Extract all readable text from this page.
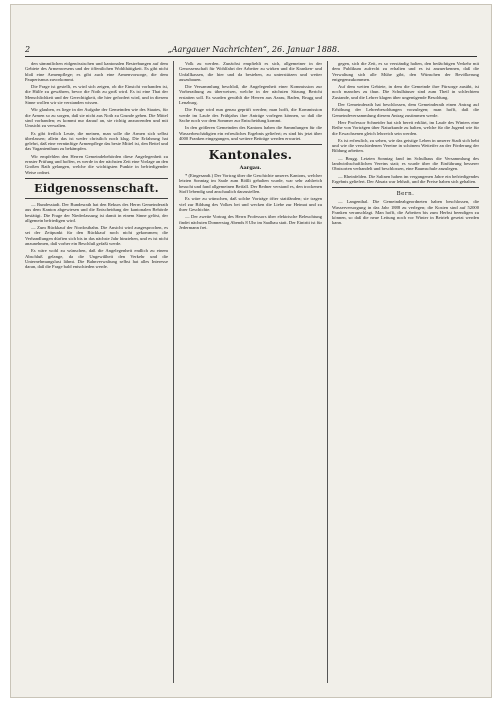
2	„Aargauer Nachrichten“, 26. Januar 1888.

den sämmtlichen eidgenössischen und kantonalen Bestrebungen auf dem Gebiete des Armenwesens und der öffentlichen Wohlthätigkeit. Es gibt nicht bloß eine Armenpflege; es gibt auch eine Armenvorsorge, die dem Pauperismus zuvorkommt.

Die Frage ist gestellt, es wird sich zeigen, ob die Einsicht vorhanden ist, die Hülfe zu gewähren, bevor die Noth zu groß wird. Es ist eine That der Menschlichkeit und der Gerechtigkeit, die hier gefordert wird, und in diesem Sinne wollen wir sie verstanden wissen.

Wir glauben, es liege in der Aufgabe der Gemeinden wie des Staates, für die Armen so zu sorgen, daß sie nicht aus Noth zu Grunde gehen. Die Mittel sind vorhanden; es kommt nur darauf an, sie richtig anzuwenden und mit Umsicht zu verwalten.

Es gibt freilich Leute, die meinen, man solle die Armen sich selbst überlassen; allein das ist weder christlich noch klug. Die Erfahrung hat gelehrt, daß eine vernünftige Armenpflege das beste Mittel ist, den Bettel und das Vagantenthum zu bekämpfen.

Wir empfehlen den Herren Gemeindebehörden diese Angelegenheit zu ernster Prüfung und hoffen, es werde in der nächsten Zeit eine Vorlage an den Großen Rath gelangen, welche die wichtigsten Punkte in befriedigender Weise ordnet.

Eidgenossenschaft.

— Bundesstadt. Der Bundesrath hat den Rekurs des Herrn Gemeinderath aus dem Kanton abgewiesen und die Entscheidung der kantonalen Behörde bestätigt. Die Frage der Niederlassung ist damit in einem Sinne gelöst, der allgemein befriedigen wird.

— Zum Rückkauf der Nordostbahn. Die Ansicht wird ausgesprochen, es sei der Zeitpunkt für den Rückkauf noch nicht gekommen; die Verhandlungen dürften sich bis in das nächste Jahr hinziehen, und es ist nicht anzunehmen, daß vorher ein Beschluß gefaßt werde.

Es wäre wohl zu wünschen, daß die Angelegenheit endlich zu einem Abschluß gelange, da die Ungewißheit den Verkehr und die Unternehmungslust lähmt. Die Bahnverwaltung selbst hat alles Interesse daran, daß die Frage bald entschieden werde.

Volk zu werden. Zunächst empfiehlt es sich, allgemeiner in der Genossenschaft für Wohlfahrt der Arbeiter zu wirken und die Kranken- und Unfallkassen, die hier und da bestehen, zu unterstützen und weiter auszubauen.

Die Versammlung beschloß, die Angelegenheit einer Kommission zur Vorberathung zu überweisen, welche in der nächsten Sitzung Bericht erstatten soll. Es wurden gewählt die Herren aus Aarau, Baden, Brugg und Lenzburg.

Die Frage wird nun genau geprüft werden; man hofft, die Kommission werde im Laufe des Frühjahrs ihre Anträge vorlegen können, so daß die Sache noch vor dem Sommer zur Entscheidung kommt.

In den größeren Gemeinden des Kantons haben die Sammlungen für die Wasserbeschädigten ein erfreuliches Ergebnis geliefert; es sind bis jetzt über 4000 Franken eingegangen, und weitere Beiträge werden erwartet.

Kantonales.
Aargau.

* (Eingesandt.) Der Vortrag über die Geschichte unseres Kantons, welcher letzten Sonntag im Saale zum Rößli gehalten wurde, war sehr zahlreich besucht und fand allgemeinen Beifall. Der Redner verstand es, den trockenen Stoff lebendig und anschaulich darzustellen.

Es wäre zu wünschen, daß solche Vorträge öfter stattfänden; sie tragen viel zur Bildung des Volkes bei und wecken die Liebe zur Heimat und zu ihrer Geschichte.

— Der zweite Vortrag des Herrn Professors über elektrische Beleuchtung findet nächsten Donnerstag Abends 8 Uhr im Saalbau statt. Der Eintritt ist für Jedermann frei.

gegen, sich die Zeit, es so verständig halten, den bedächtigen Verkehr mit dem Publikum aufrecht zu erhalten und es ist anzuerkennen, daß die Verwaltung sich alle Mühe gibt, den Wünschen der Bevölkerung entgegenzukommen.

Auf dem weiten Gebiete, in dem die Gemeinde ihre Fürsorge ausübt, ist noch manches zu thun. Die Schulhäuser sind zum Theil in schlechtem Zustande, und die Lehrer klagen über ungenügende Besoldung.

Der Gemeinderath hat beschlossen, dem Gemeinderath einen Antrag auf Erhöhung der Lehrerbesoldungen vorzulegen; man hofft, daß die Gemeindeversammlung diesem Antrag zustimmen werde.

Herr Professor Schneider hat sich bereit erklärt, im Laufe des Winters eine Reihe von Vorträgen über Naturkunde zu halten, welche für die Jugend wie für die Erwachsenen gleich lehrreich sein werden.

Es ist erfreulich, zu sehen, wie das geistige Leben in unserer Stadt sich hebt und wie die verschiedenen Vereine in schönem Wetteifer an der Förderung der Bildung arbeiten.

— Brugg. Letzten Sonntag fand im Schulhaus die Versammlung des landwirthschaftlichen Vereins statt; es wurde über die Einführung besserer Obstsorten verhandelt und beschlossen, eine Baumschule anzulegen.

— Rheinfelden. Die Salinen haben im vergangenen Jahre ein befriedigendes Ergebnis geliefert. Der Absatz war lebhaft, und die Preise haben sich gehalten.

Bern.

— Langenthal. Die Gemeindeabgeordneten haben beschlossen, die Wasserversorgung in das Jahr 1888 zu verlegen; die Kosten sind auf 52000 Franken veranschlagt. Man hofft, die Arbeiten bis zum Herbst beendigen zu können, so daß die neue Leitung noch vor Winter in Betrieb gesetzt werden kann.
